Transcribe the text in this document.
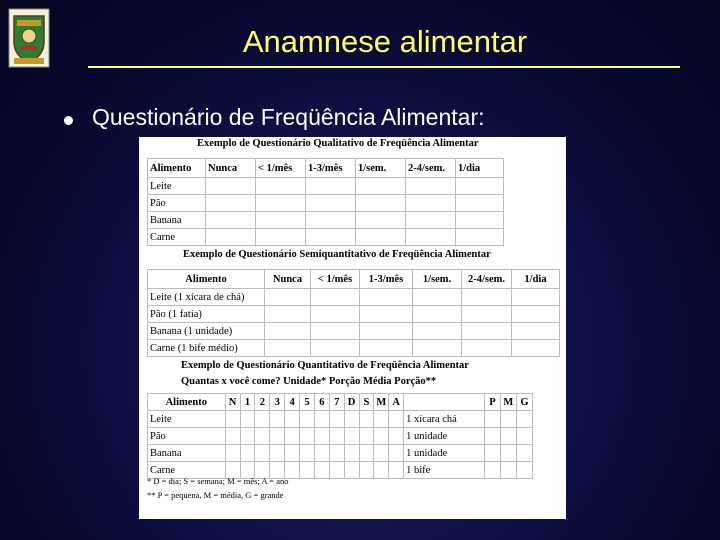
Anamnese alimentar
Questionário de Freqüência Alimentar:
Exemplo de Questionário Qualitativo de Freqüência Alimentar
Alimento	Nunca	< 1/mês	1-3/mês	1/sem.	2-4/sem.	1/dia
Leite						
Pão						
Banana						
Carne						
Exemplo de Questionário Semiquantitativo de Freqüência Alimentar
Alimento	Nunca	< 1/mês	1-3/mês	1/sem.	2-4/sem.	1/dia
Leite (1 xícara de chá)						
Pão (1 fatia)						
Banana (1 unidade)						
Carne (1 bife médio)						
Exemplo de Questionário Quantitativo de Freqüência Alimentar
Quantas x você come? Unidade* Porção Média Porção**
Alimento	N	1	2	3	4	5	6	7	D	S	M	A		P	M	G
Leite													1 xícara chá			
Pão													1 unidade			
Banana													1 unidade			
Carne													1 bife			
* D = dia; S = semana; M = mês; A = ano
** P = pequena, M = média, G = grande
